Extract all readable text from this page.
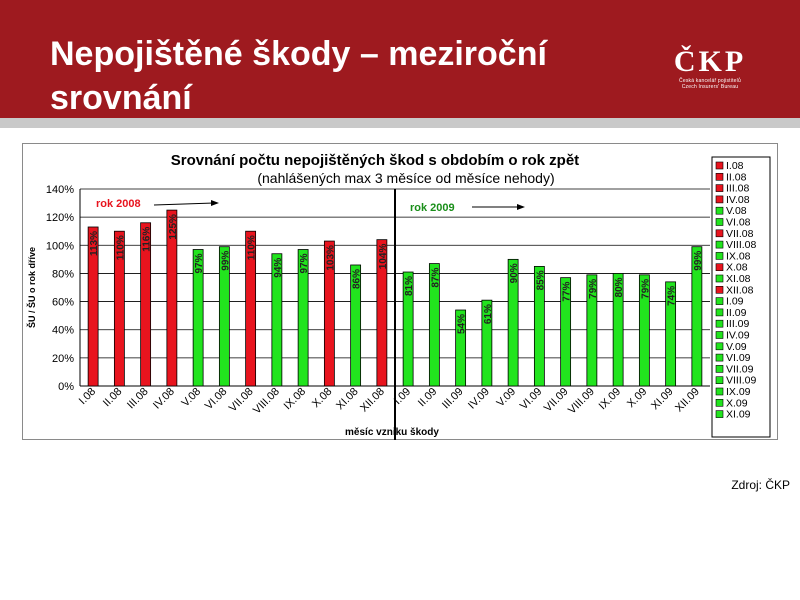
Nepojištěné škody – meziroční
srovnání
ČKP
Česká kancelář pojistitelů
Czech Insurers' Bureau
Srovnání počtu nepojištěných škod s obdobím o rok zpět
(nahlášených max 3 měsíce od měsíce nehody)
0%
20%
40%
60%
80%
100%
120%
140%
ŠU / ŠU o rok dříve
113%
I.08
110%
II.08
116%
III.08
125%
IV.08
97%
V.08
99%
VI.08
110%
VII.08
94%
VIII.08
97%
IX.08
103%
X.08
86%
XI.08
104%
XII.08
81%
I.09
87%
II.09
54%
III.09
61%
IV.09
90%
V.09
85%
VI.09
77%
VII.09
79%
VIII.09
80%
IX.09
79%
X.09
74%
XI.09
99%
XII.09
rok 2008	rok 2009
měsíc vzniku škody
I.08
II.08
III.08
IV.08
V.08
VI.08
VII.08
VIII.08
IX.08
X.08
XI.08
XII.08
I.09
II.09
III.09
IV.09
V.09
VI.09
VII.09
VIII.09
IX.09
X.09
XI.09
Zdroj: ČKP
